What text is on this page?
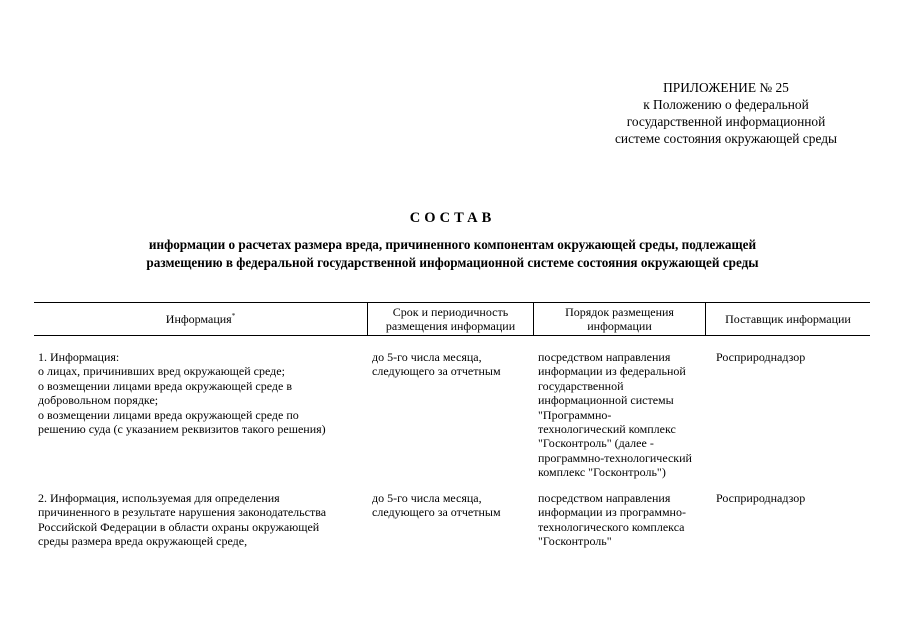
ПРИЛОЖЕНИЕ № 25
к Положению о федеральной
государственной информационной
системе состояния окружающей среды
СОСТАВ
информации о расчетах размера вреда, причиненного компонентам окружающей среды, подлежащей
размещению в федеральной государственной информационной системе состояния окружающей среды
Информация*	Срок и периодичность
размещения информации
Порядок размещения
информации	Поставщик информации
1. Информация:
о лицах, причинивших вред окружающей среде;
о возмещении лицами вреда окружающей среде в
добровольном порядке;
о возмещении лицами вреда окружающей среде по
решению суда (с указанием реквизитов такого решения)
до 5-го числа месяца,
следующего за отчетным
посредством направления
информации из федеральной
государственной
информационной системы
"Программно-
технологический комплекс
"Госконтроль" (далее -
программно-технологический
комплекс "Госконтроль")
Росприроднадзор
2. Информация, используемая для определения
причиненного в результате нарушения законодательства
Российской Федерации в области охраны окружающей
среды размера вреда окружающей среде,
до 5-го числа месяца,
следующего за отчетным
посредством направления
информации из программно-
технологического комплекса
"Госконтроль"
Росприроднадзор
